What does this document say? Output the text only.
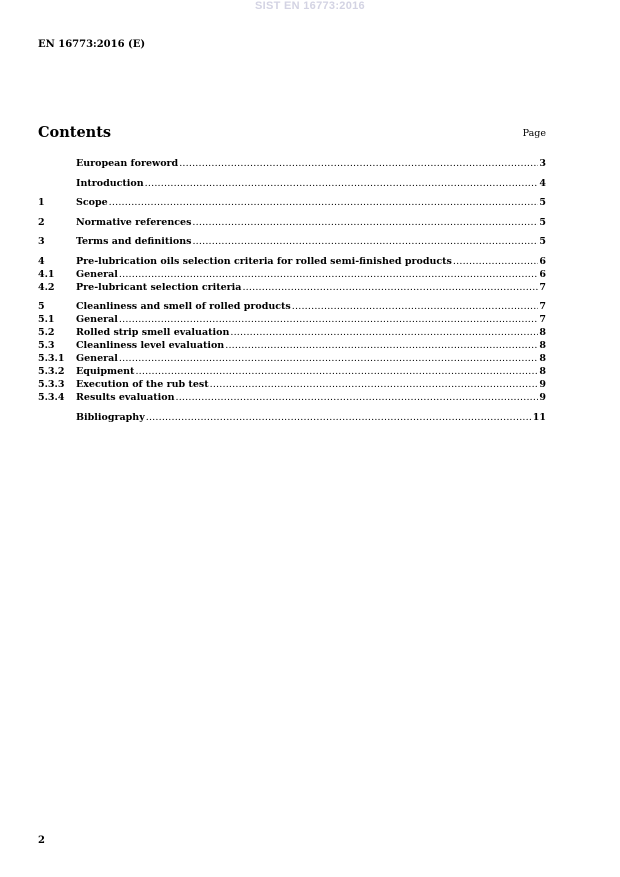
SIST EN 16773:2016
EN 16773:2016 (E)
Contents	Page
European foreword .....	3
Introduction .....	4
1	Scope .....	5
2	Normative references .....	5
3	Terms and definitions .....	5
4	Pre-lubrication oils selection criteria for rolled semi-finished products .....	6
4.1	General .....	6
4.2	Pre-lubricant selection criteria .....	7
5	Cleanliness and smell of rolled products .....	7
5.1	General .....	7
5.2	Rolled strip smell evaluation .....	8
5.3	Cleanliness level evaluation .....	8
5.3.1	General .....	8
5.3.2	Equipment .....	8
5.3.3	Execution of the rub test .....	9
5.3.4	Results evaluation .....	9
Bibliography .....	11
2
